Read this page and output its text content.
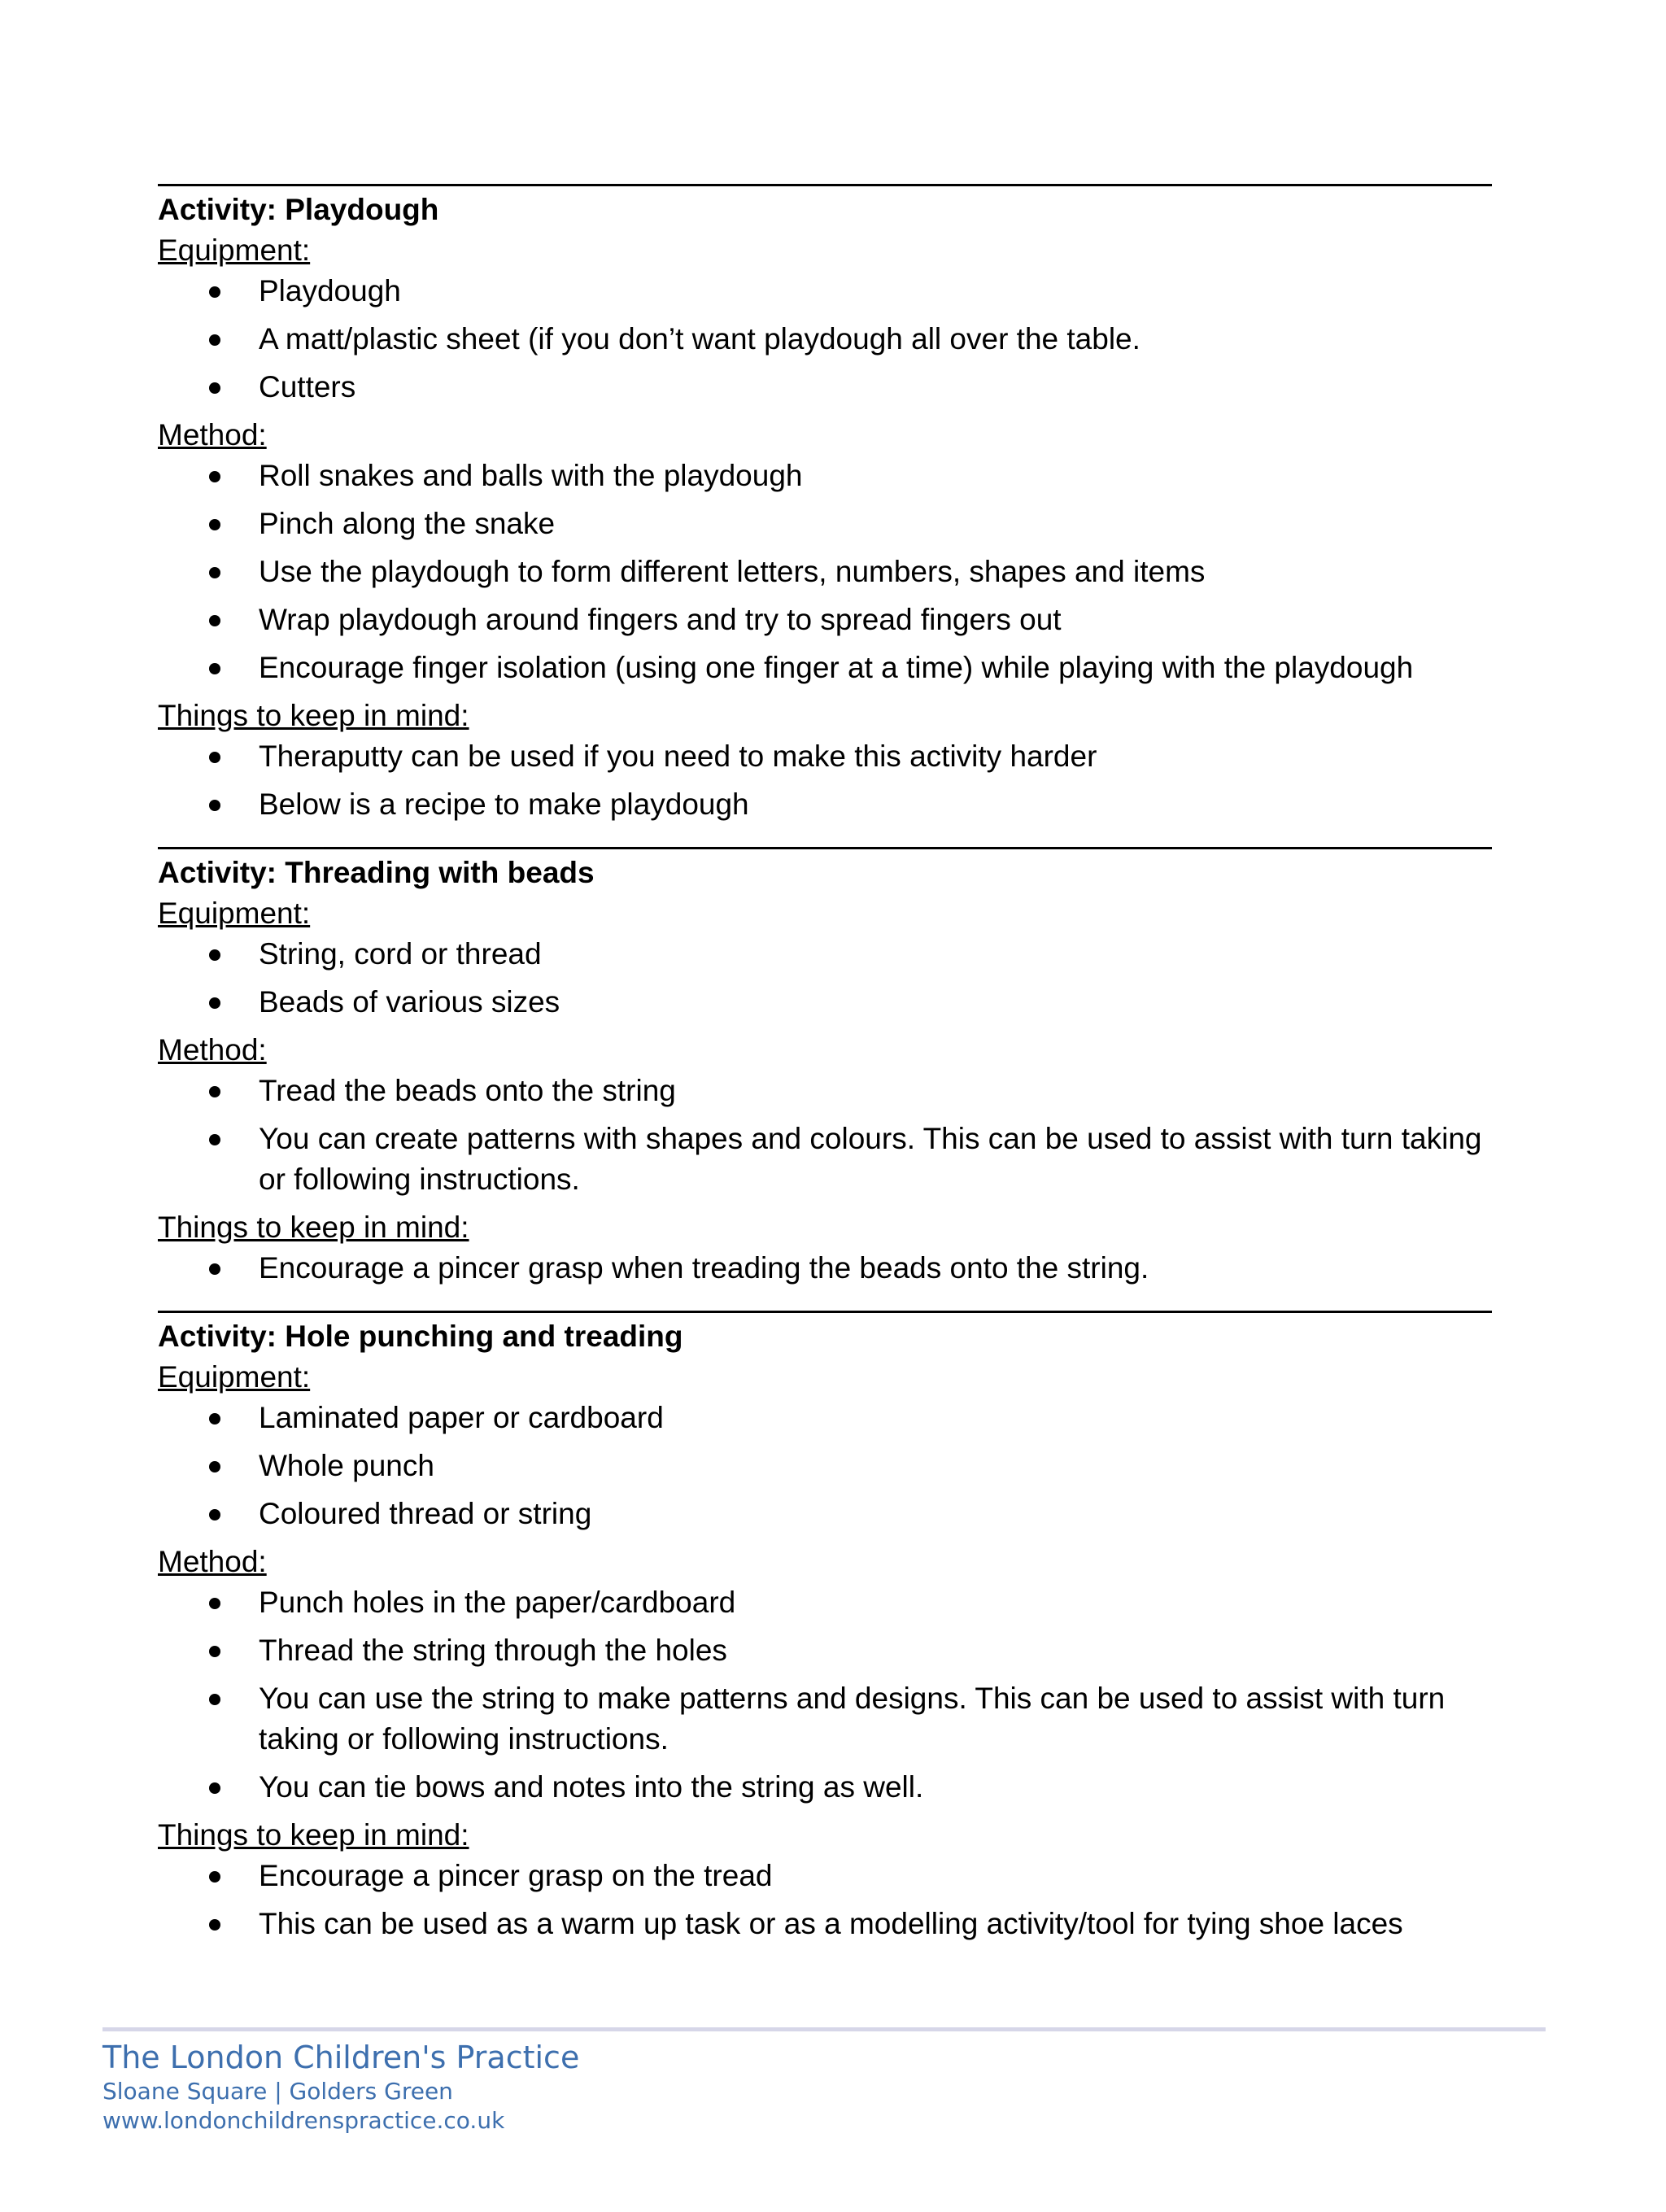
Activity: Playdough
Equipment:
Playdough
A matt/plastic sheet (if you don’t want playdough all over the table.
Cutters
Method:
Roll snakes and balls with the playdough
Pinch along the snake
Use the playdough to form different letters, numbers, shapes and items
Wrap playdough around fingers and try to spread fingers out
Encourage finger isolation (using one finger at a time) while playing with the playdough
Things to keep in mind:
Theraputty can be used if you need to make this activity harder
Below is a recipe to make playdough
Activity: Threading with beads
Equipment:
String, cord or thread
Beads of various sizes
Method:
Tread the beads onto the string
You can create patterns with shapes and colours. This can be used to assist with turn taking or following instructions.
Things to keep in mind:
Encourage a pincer grasp when treading the beads onto the string.
Activity: Hole punching and treading
Equipment:
Laminated paper or cardboard
Whole punch
Coloured thread or string
Method:
Punch holes in the paper/cardboard
Thread the string through the holes
You can use the string to make patterns and designs. This can be used to assist with turn taking or following instructions.
You can tie bows and notes into the string as well.
Things to keep in mind:
Encourage a pincer grasp on the tread
This can be used as a warm up task or as a modelling activity/tool for tying shoe laces
The London Children's Practice
Sloane Square | Golders Green
www.londonchildrenspractice.co.uk
